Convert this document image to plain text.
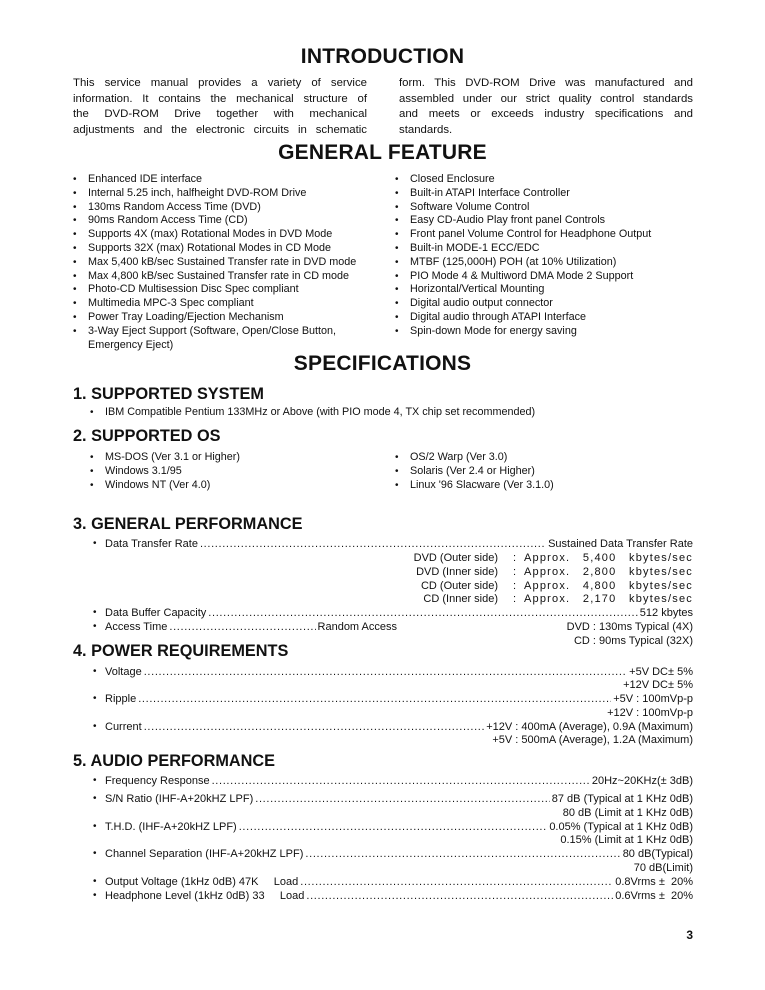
INTRODUCTION
This service manual provides a variety of service
information. It contains the mechanical structure of
the DVD-ROM Drive together with mechanical
adjustments and the electronic circuits in schematic
form. This DVD-ROM Drive was manufactured and
assembled under our strict quality control standards
and meets or exceeds industry specifications and
standards.
GENERAL FEATURE
• Enhanced IDE interface
• Internal 5.25 inch, halfheight DVD-ROM Drive
• 130ms Random Access Time (DVD)
• 90ms Random Access Time (CD)
• Supports 4X (max) Rotational Modes in DVD Mode
• Supports 32X (max) Rotational Modes in CD Mode
• Max 5,400 kB/sec Sustained Transfer rate in DVD mode
• Max 4,800 kB/sec Sustained Transfer rate in CD mode
• Photo-CD Multisession Disc Spec compliant
• Multimedia MPC-3 Spec compliant
• Power Tray Loading/Ejection Mechanism
• 3-Way Eject Support (Software, Open/Close Button,
Emergency Eject)
• Closed Enclosure
• Built-in ATAPI Interface Controller
• Software Volume Control
• Easy CD-Audio Play front panel Controls
• Front panel Volume Control for Headphone Output
• Built-in MODE-1 ECC/EDC
• MTBF (125,000H) POH (at 10% Utilization)
• PIO Mode 4 & Multiword DMA Mode 2 Support
• Horizontal/Vertical Mounting
• Digital audio output connector
• Digital audio through ATAPI Interface
• Spin-down Mode for energy saving
SPECIFICATIONS
1. SUPPORTED SYSTEM
• IBM Compatible Pentium 133MHz or Above (with PIO mode 4, TX chip set recommended)
2. SUPPORTED OS
• MS-DOS (Ver 3.1 or Higher)
• Windows 3.1/95
• Windows NT (Ver 4.0)
• OS/2 Warp (Ver 3.0)
• Solaris (Ver 2.4 or Higher)
• Linux '96 Slacware (Ver 3.1.0)
3. GENERAL PERFORMANCE
• Data Transfer Rate . . .	Sustained Data Transfer Rate
DVD (Outer side) : Approx. 5,400 kbytes/sec
DVD (Inner side) : Approx. 2,800 kbytes/sec
CD (Outer side) : Approx. 4,800 kbytes/sec
CD (Inner side) : Approx. 2,170 kbytes/sec
• Data Buffer Capacity . . .	512 kbytes
• Access Time . . .	Random Access	DVD : 130ms Typical (4X)
CD : 90ms Typical (32X)
4. POWER REQUIREMENTS
• Voltage . . .	+5V DC± 5%
+12V DC± 5%
• Ripple . . .	+5V : 100mVp-p
+12V : 100mVp-p
• Current . . .	+12V : 400mA (Average), 0.9A (Maximum)
+5V : 500mA (Average), 1.2A (Maximum)
5. AUDIO PERFORMANCE
• Frequency Response . . .	20Hz~20KHz(± 3dB)
• S/N Ratio (IHF-A+20kHZ LPF) . . .	87 dB (Typical at 1 KHz 0dB)
80 dB (Limit at 1 KHz 0dB)
• T.H.D. (IHF-A+20kHZ LPF) . . .	0.05% (Typical at 1 KHz 0dB)
0.15% (Limit at 1 KHz 0dB)
• Channel Separation (IHF-A+20kHZ LPF) . . .	80 dB(Typical)
70 dB(Limit)
• Output Voltage (1kHz 0dB) 47K     Load . . .	0.8Vrms ±  20%
• Headphone Level (1kHz 0dB) 33     Load . . .	0.6Vrms ±  20%
3
